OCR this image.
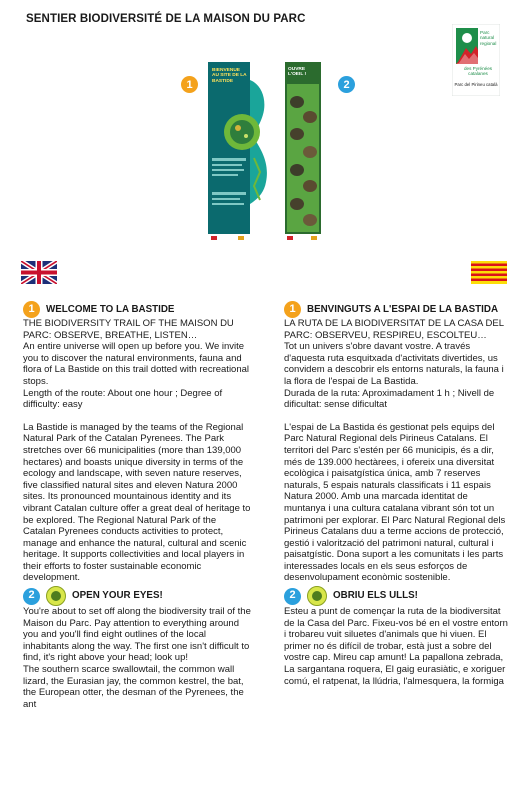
SENTIER BIODIVERSITÉ DE LA MAISON DU PARC
Parc
natural
regional
des Pyrénées
catalanes
Parc del Pirineu català
1	2
BIENVENUE AU SITE DE LA BASTIDE
OUVRE L'OEIL !
1	WELCOME TO LA BASTIDE

THE BIODIVERSITY TRAIL OF THE MAISON DU PARC: OBSERVE, BREATHE, LISTEN…

An entire universe will open up before you. We invite you to discover the natural environments, fauna and flora of La Bastide on this trail dotted with recreational stops.

Length of the route: About one hour ; Degree of difficulty: easy

La Bastide is managed by the teams of the Regional Natural Park of the Catalan Pyrenees. The Park stretches over 66 municipalities (more than 139,000 hectares) and boasts unique diversity in terms of the ecology and landscape, with seven nature reserves, five classified natural sites and eleven Natura 2000 sites. Its pronounced mountainous identity and its vibrant Catalan culture offer a great deal of heritage to be explored. The Regional Natural Park of the Catalan Pyrenees conducts activities to protect, manage and enhance the natural, cultural and scenic heritage. It supports collectivities and local players in their efforts to foster sustainable economic development.

2	OPEN YOUR EYES!

You're about to set off along the biodiversity trail of the Maison du Parc. Pay attention to everything around you and you'll find eight outlines of the local inhabitants along the way. The first one isn't difficult to find, it's right above your head; look up!

The southern scarce swallowtail, the common wall lizard, the Eurasian jay, the common kestrel, the bat, the European otter, the desman of the Pyrenees, the ant

1	BENVINGUTS A L'ESPAI DE LA BASTIDA

LA RUTA DE LA BIODIVERSITAT DE LA CASA DEL PARC: OBSERVEU, RESPIREU, ESCOLTEU…

Tot un univers s'obre davant vostre. A través d'aquesta ruta esquitxada d'activitats divertides, us convidem a descobrir els entorns naturals, la fauna i la flora de l'espai de La Bastida.

Durada de la ruta: Aproximadament 1 h ; Nivell de dificultat: sense dificultat

L'espai de La Bastida és gestionat pels equips del Parc Natural Regional dels Pirineus Catalans. El territori del Parc s'estén per 66 municipis, és a dir, més de 139.000 hectàrees, i ofereix una diversitat ecològica i paisatgística única, amb 7 reserves naturals, 5 espais naturals classificats i 11 espais Natura 2000. Amb una marcada identitat de muntanya i una cultura catalana vibrant són tot un patrimoni per explorar. El Parc Natural Regional dels Pirineus Catalans duu a terme accions de protecció, gestió i valorització del patrimoni natural, cultural i paisatgístic. Dona suport a les comunitats i les parts interessades locals en els seus esforços de desenvolupament econòmic sostenible.

2	OBRIU ELS ULLS!

Esteu a punt de començar la ruta de la biodiversitat de la Casa del Parc. Fixeu-vos bé en el vostre entorn i trobareu vuit siluetes d'animals que hi viuen. El primer no és difícil de trobar, està just a sobre del vostre cap. Mireu cap amunt! La papallona zebrada, La sargantana roquera, El gaig eurasiàtic, e xoriguer comú, el ratpenat, la llúdria, l'almesquera, la formiga
